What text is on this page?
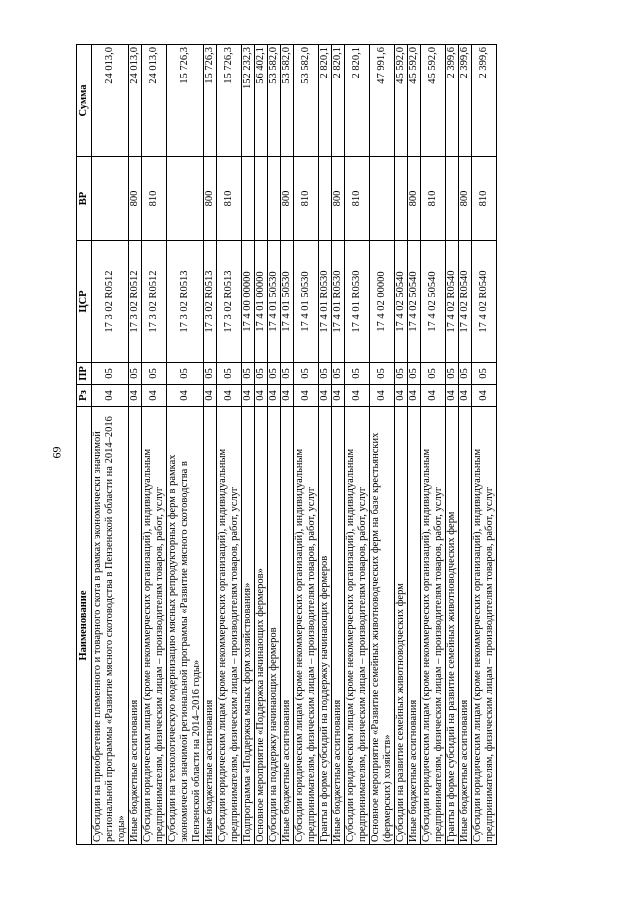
69
Наименование	Рз	ПР	ЦСР	ВР	Сумма
Субсидии на приобретение племенного и товарного скота в рамках экономически значимой региональной программы «Развитие мясного скотоводства в Пензенской области на 2014–2016 годы»	04	05	17 3 02 R0512		24 013,0
Иные бюджетные ассигнования	04	05	17 3 02 R0512	800	24 013,0
Субсидии юридическим лицам (кроме некоммерческих организаций), индивидуальным предпринимателям, физическим лицам – производителям товаров, работ, услуг	04	05	17 3 02 R0512	810	24 013,0
Субсидии на технологическую модернизацию мясных репродукторных ферм в рамках экономически значимой региональной программы «Развитие мясного скотоводства в Пензенской области на 2014–2016 годы»	04	05	17 3 02 R0513		15 726,3
Иные бюджетные ассигнования	04	05	17 3 02 R0513	800	15 726,3
Субсидии юридическим лицам (кроме некоммерческих организаций), индивидуальным предпринимателям, физическим лицам – производителям товаров, работ, услуг	04	05	17 3 02 R0513	810	15 726,3
Подпрограмма «Поддержка малых форм хозяйствования»	04	05	17 4 00 00000		152 232,3
Основное мероприятие «Поддержка начинающих фермеров»	04	05	17 4 01 00000		56 402,1
Субсидии на поддержку начинающих фермеров	04	05	17 4 01 50530		53 582,0
Иные бюджетные ассигнования	04	05	17 4 01 50530	800	53 582,0
Субсидии юридическим лицам (кроме некоммерческих организаций), индивидуальным предпринимателям, физическим лицам – производителям товаров, работ, услуг	04	05	17 4 01 50530	810	53 582,0
Гранты в форме субсидий на поддержку начинающих фермеров	04	05	17 4 01 R0530		2 820,1
Иные бюджетные ассигнования	04	05	17 4 01 R0530	800	2 820,1
Субсидии юридическим лицам (кроме некоммерческих организаций), индивидуальным предпринимателям, физическим лицам – производителям товаров, работ, услуг	04	05	17 4 01 R0530	810	2 820,1
Основное мероприятие «Развитие семейных животноводческих ферм на базе крестьянских (фермерских) хозяйств»	04	05	17 4 02 00000		47 991,6
Субсидии на развитие семейных животноводческих ферм	04	05	17 4 02 50540		45 592,0
Иные бюджетные ассигнования	04	05	17 4 02 50540	800	45 592,0
Субсидии юридическим лицам (кроме некоммерческих организаций), индивидуальным предпринимателям, физическим лицам – производителям товаров, работ, услуг	04	05	17 4 02 50540	810	45 592,0
Гранты в форме субсидий на развитие семейных животноводческих ферм	04	05	17 4 02 R0540		2 399,6
Иные бюджетные ассигнования	04	05	17 4 02 R0540	800	2 399,6
Субсидии юридическим лицам (кроме некоммерческих организаций), индивидуальным предпринимателям, физическим лицам – производителям товаров, работ, услуг	04	05	17 4 02 R0540	810	2 399,6
